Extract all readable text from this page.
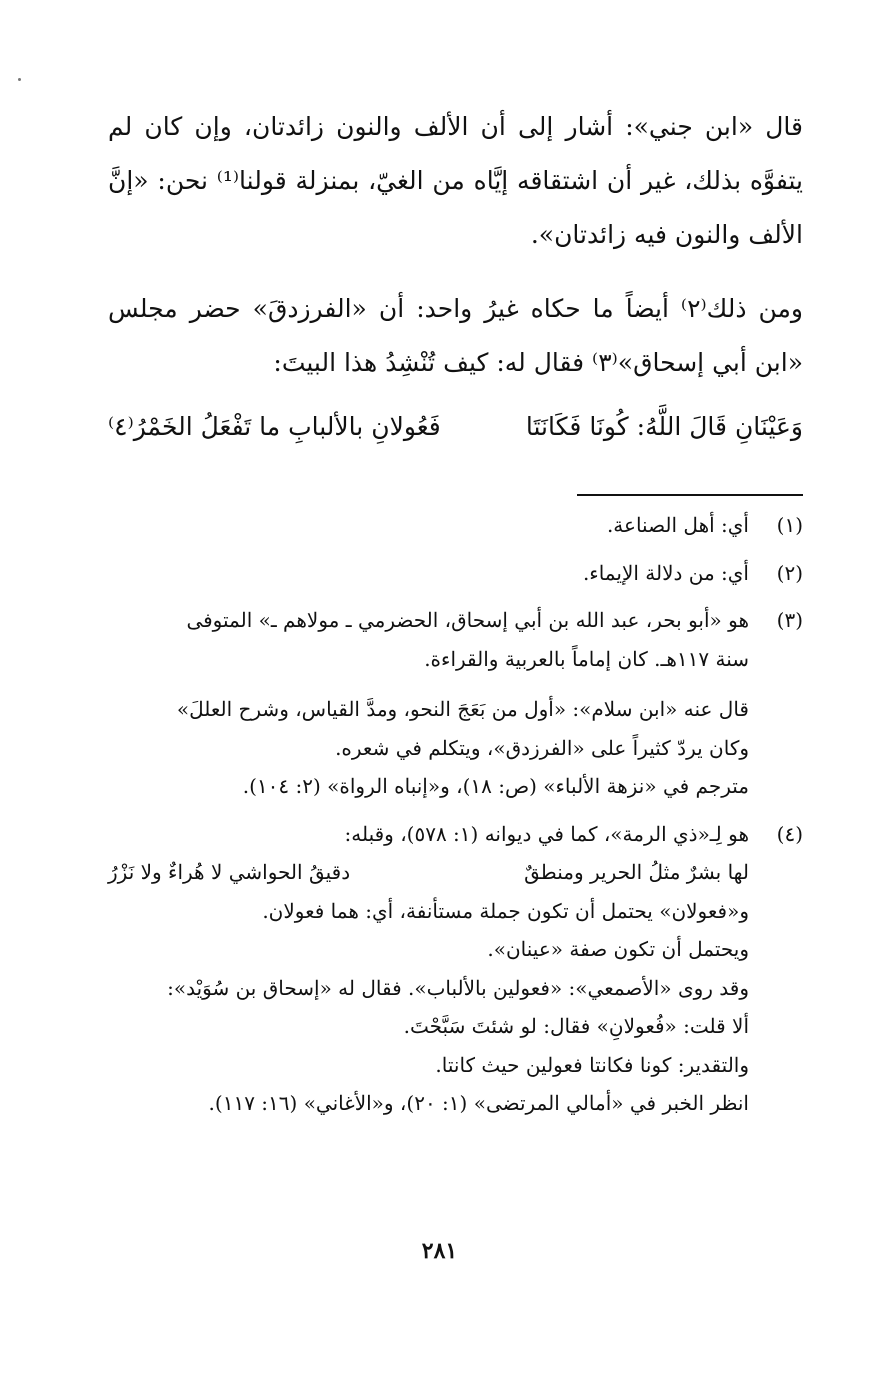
قال «ابن جني»: أشار إلى أن الألف والنون زائدتان، وإن كان لم يتفوَّه بذلك، غير أن اشتقاقه إيَّاه من الغيّ، بمنزلة قولنا⁽¹⁾ نحن: «إنَّ الألف والنون فيه زائدتان».

ومن ذلك⁽٢⁾ أيضاً ما حكاه غيرُ واحد: أن «الفرزدقَ» حضر مجلس «ابن أبي إسحاق»⁽٣⁾ فقال له: كيف تُنْشِدُ هذا البيتَ:

وَعَيْنَانِ قَالَ اللَّهُ: كُونَا فَكَانَتَا
فَعُولانِ بالألبابِ ما تَفْعَلُ الخَمْرُ⁽٤⁾
(١)
أي: أهل الصناعة.
(٢)
أي: من دلالة الإيماء.
(٣)
هو «أبو بحر، عبد الله بن أبي إسحاق، الحضرمي ـ مولاهم ـ» المتوفى
سنة ١١٧هـ. كان إماماً بالعربية والقراءة.
قال عنه «ابن سلام»: «أول من بَعَجَ النحو، ومدَّ القياس، وشرح العللَ»
وكان يردّ كثيراً على «الفرزدق»، ويتكلم في شعره.
مترجم في «نزهة الألباء» (ص: ١٨)، و«إنباه الرواة» (٢: ١٠٤).
(٤)
هو لِـ«ذي الرمة»، كما في ديوانه (١: ٥٧٨)، وقبله:
لها بشرٌ مثلُ الحرير ومنطقٌ
دقيقُ الحواشي لا هُراءٌ ولا نَزْرُ
و«فعولان» يحتمل أن تكون جملة مستأنفة، أي: هما فعولان.
ويحتمل أن تكون صفة «عينان».
وقد روى «الأصمعي»: «فعولين بالألباب». فقال له «إسحاق بن سُوَيْد»:
ألا قلت: «فُعولانِ» فقال: لو شئتَ سَبَّحْتَ.
والتقدير: كونا فكانتا فعولين حيث كانتا.
انظر الخبر في «أمالي المرتضى» (١: ٢٠)، و«الأغاني» (١٦: ١١٧).
٢٨١
